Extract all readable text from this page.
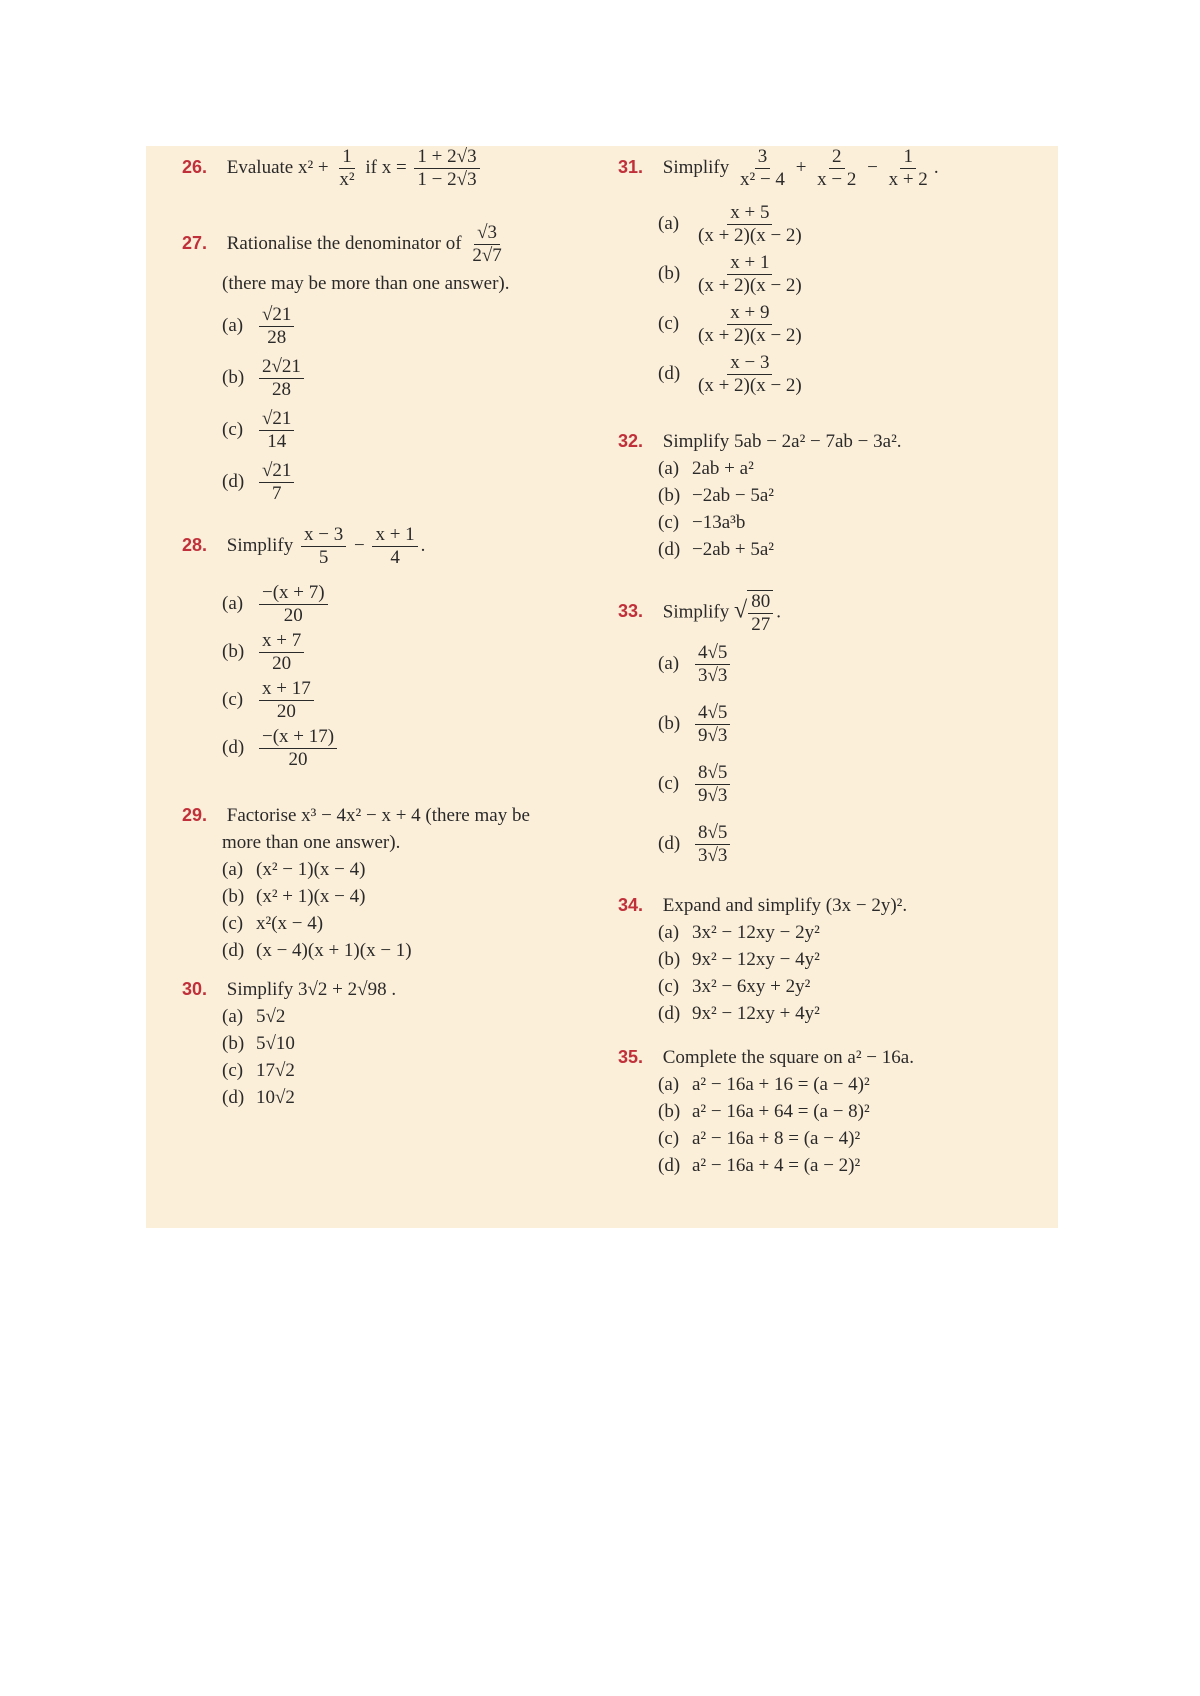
26. Evaluate $x^2 + \frac{1}{\text{x²}}$ if $x = \frac{1 + 2√3}{1 - 2√3}$
27. Rationalise the denominator of $\frac{√3}{2√7}$
(there may be more than one answer).
$(a) \frac{√21}{28}$
$(b) \frac{2√21}{28}$
$(c) \frac{√21}{14}$
$(d) \frac{√21}{7}$
28. Simplify $\frac{x - 3}{5} - \frac{x + 1}{4}$ .
$(a) \frac{-(x + 7)}{20}$
$(b) \frac{x + 7}{20}$
$(c) \frac{x + 17}{20}$
$(d) \frac{-(x + 17)}{20}$
29. Factorise x³ − 4x² − x + 4 (there may be
more than one answer).
(a) (x² − 1)(x − 4)
(b) (x² + 1)(x − 4)
(c) x²(x − 4)
(d) (x − 4)(x + 1)(x − 1)
30. Simplify 3√2 + 2√98 .
(a) 5√2
(b) 5√10
(c) 17√2
(d) 10√2
31. Simplify $\frac{3}{\text{x² − 4}} + \frac{2}{x - 2} - \frac{1}{x + 2}$ .
$(a) \frac{x + 5}{(x + 2)(x - 2)}$
$(b) \frac{x + 1}{(x + 2)(x - 2)}$
$(c) \frac{x + 9}{(x + 2)(x - 2)}$
$(d) \frac{x - 3}{(x + 2)(x - 2)}$
32. Simplify 5ab − 2a² − 7ab − 3a².
(a) 2ab + a²
(b) −2ab − 5a²
(c) −13a³b
(d) −2ab + 5a²
33. Simplify √ $\frac{80}{27}$ .
$(a) \frac{4√5}{3√3}$
$(b) \frac{4√5}{9√3}$
$(c) \frac{8√5}{9√3}$
$(d) \frac{8√5}{3√3}$
34. Expand and simplify (3x − 2y)².
(a) 3x² − 12xy − 2y²
(b) 9x² − 12xy − 4y²
(c) 3x² − 6xy + 2y²
(d) 9x² − 12xy + 4y²
35. Complete the square on a² − 16a.
(a) a² − 16a + 16 = (a − 4)²
(b) a² − 16a + 64 = (a − 8)²
(c) a² − 16a + 8 = (a − 4)²
(d) a² − 16a + 4 = (a − 2)²
